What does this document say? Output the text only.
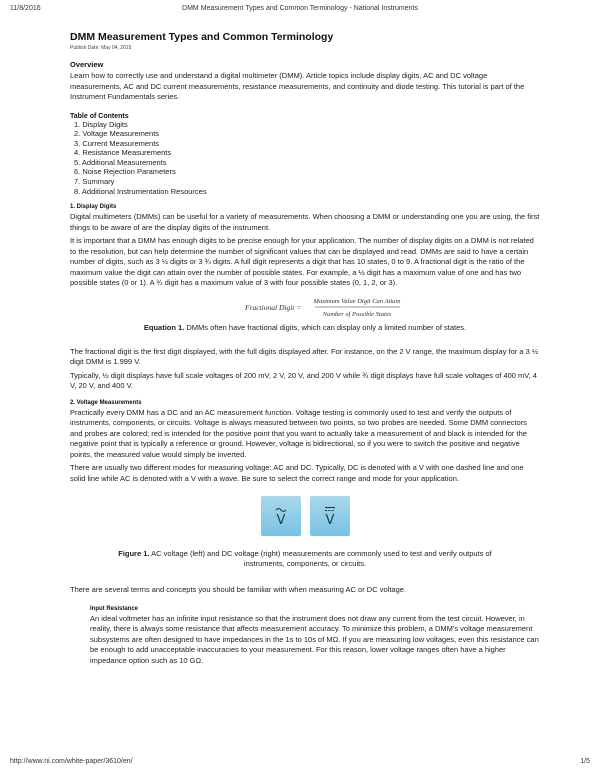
11/8/2016	DMM Measurement Types and Common Terminology - National Instruments
DMM Measurement Types and Common Terminology
Publish Date: May 04, 2015
Overview

Learn how to correctly use and understand a digital multimeter (DMM). Article topics include display digits, AC and DC voltage measurements, AC and DC current measurements, resistance measurements, and continuity and diode testing. This tutorial is part of the Instrument Fundamentals series.

Table of Contents
1. Display Digits
2. Voltage Measurements
3. Current Measurements
4. Resistance Measurements
5. Additional Measurements
6. Noise Rejection Parameters
7. Summary
8. Additional Instrumentation Resources
1. Display Digits

Digital multimeters (DMMs) can be useful for a variety of measurements. When choosing a DMM or understanding one you are using, the first things to be aware of are the display digits of the instrument.

It is important that a DMM has enough digits to be precise enough for your application. The number of display digits on a DMM is not related to the resolution, but can help determine the number of significant values that can be displayed and read. DMMs are said to have a certain number of digits, such as 3 ½ digits or 3 ¾ digits. A full digit represents a digit that has 10 states, 0 to 9. A fractional digit is the ratio of the maximum value the digit can attain over the number of possible states. For example, a ½ digit has a maximum value of one and has two possible states (0 or 1). A ¾ digit has a maximum value of 3 with four possible states (0, 1, 2, or 3).

Fractional Digit =
Maximum Value Digit Can Attain
Number of Possible States
Equation 1. DMMs often have fractional digits, which can display only a limited number of states.

The fractional digit is the first digit displayed, with the full digits displayed after. For instance, on the 2 V range, the maximum display for a 3 ½ digit DMM is 1.999 V.

Typically, ½ digit displays have full scale voltages of 200 mV, 2 V, 20 V, and 200 V while ¾ digit displays have full scale voltages of 400 mV, 4 V, 20 V, and 400 V.

2. Voltage Measurements

Practically every DMM has a DC and an AC measurement function. Voltage testing is commonly used to test and verify the outputs of instruments, components, or circuits. Voltage is always measured between two points, so two probes are needed. Some DMM connectors and probes are colored; red is intended for the positive point that you want to actually take a measurement of and black is intended for the negative point that is typically a reference or ground. However, voltage is bidirectional, so if you were to switch the positive and negative points, the measured value would simply be inverted.

There are usually two different modes for measuring voltage: AC and DC. Typically, DC is denoted with a V with one dashed line and one solid line while AC is denoted with a V with a wave. Be sure to select the correct range and mode for your application.

V	V
Figure 1. AC voltage (left) and DC voltage (right) measurements are commonly used to test and verify outputs of instruments, components, or circuits.

There are several terms and concepts you should be familiar with when measuring AC or DC voltage.

Input Resistance

An ideal voltmeter has an infinite input resistance so that the instrument does not draw any current from the test circuit. However, in reality, there is always some resistance that affects measurement accuracy. To minimize this problem, a DMM's voltage measurement subsystems are often designed to have impedances in the 1s to 10s of MΩ. If you are measuring low voltages, even this resistance can be enough to add unacceptable inaccuracies to your measurement. For this reason, lower voltage ranges often have a higher impedance option such as 10 GΩ.

http://www.ni.com/white-paper/3610/en/	1/5
